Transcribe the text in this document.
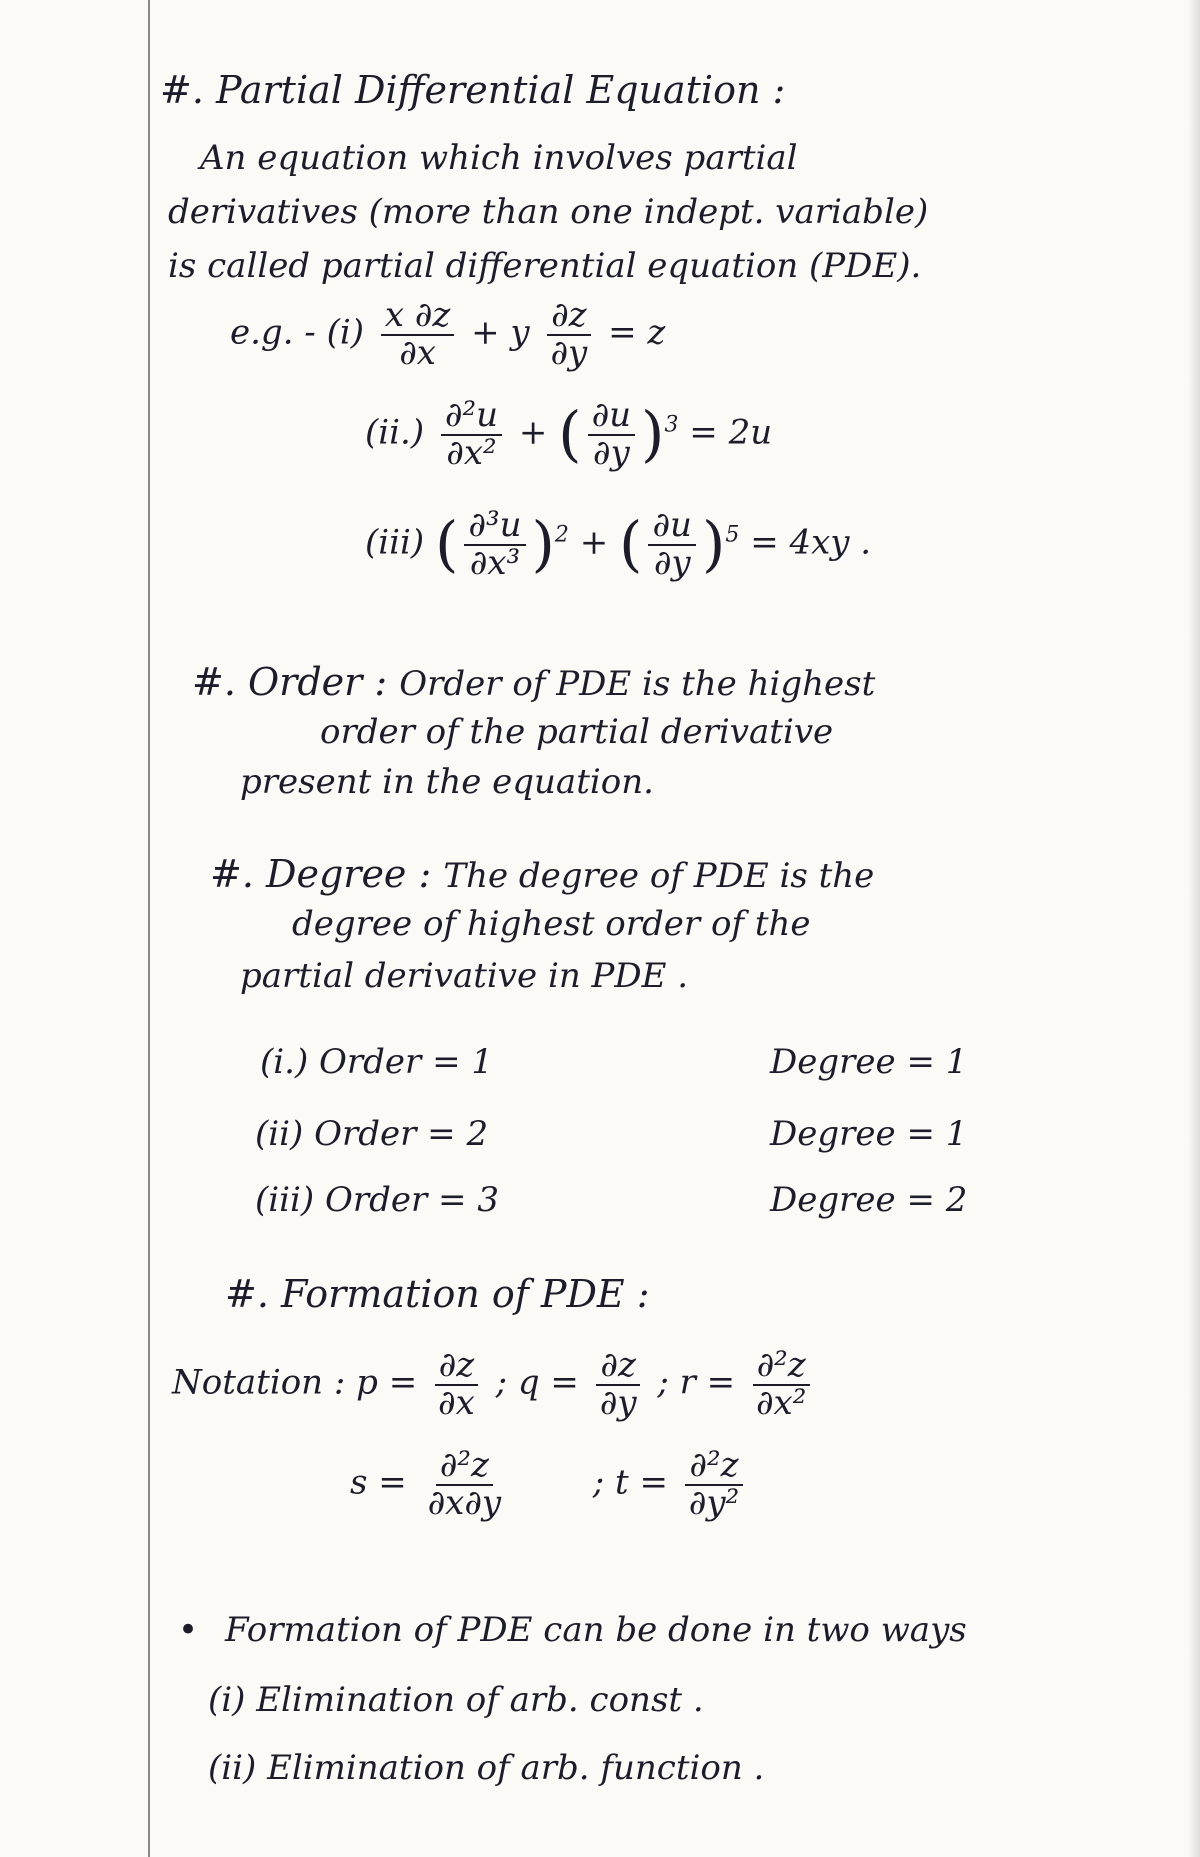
#. Partial Differential Equation :
An equation which involves partial
derivatives (more than one indept. variable)
is called partial differential equation (PDE).
e.g. - $(i) \frac{x \partial z}{\partial x} + y \frac{\partial z}{\partial y} = z$
$(ii.) \frac{\text{∂²u}}{\text{∂x²}}$ + ( $\frac{\partial u}{\partial y} )^3 = 2u$
(iii) ( $\frac{\text{∂³u}}{\text{∂x³}} )^2$ + ( $\frac{\partial u}{\partial y} )^5 = 4xy$ .
#. Order : Order of PDE is the highest
order of the partial derivative
present in the equation.
#. Degree : The degree of PDE is the
degree of highest order of the
partial derivative in PDE .
(i.) Order = 1	Degree = 1
(ii) Order = 2	Degree = 1
(iii) Order = 3	Degree = 2
#. Formation of PDE :
Notation : $p = \frac{\partial z}{\partial x}$ ; $q = \frac{\partial z}{\partial y}$ ; $r = \frac{\text{∂²z}}{\text{∂x²}}$
$s = \frac{\text{∂²z}}{\partial x\partial y}$	; $t = \frac{\text{∂²z}}{\text{∂y²}}$
• Formation of PDE can be done in two ways
(i) Elimination of arb. const .
(ii) Elimination of arb. function .
